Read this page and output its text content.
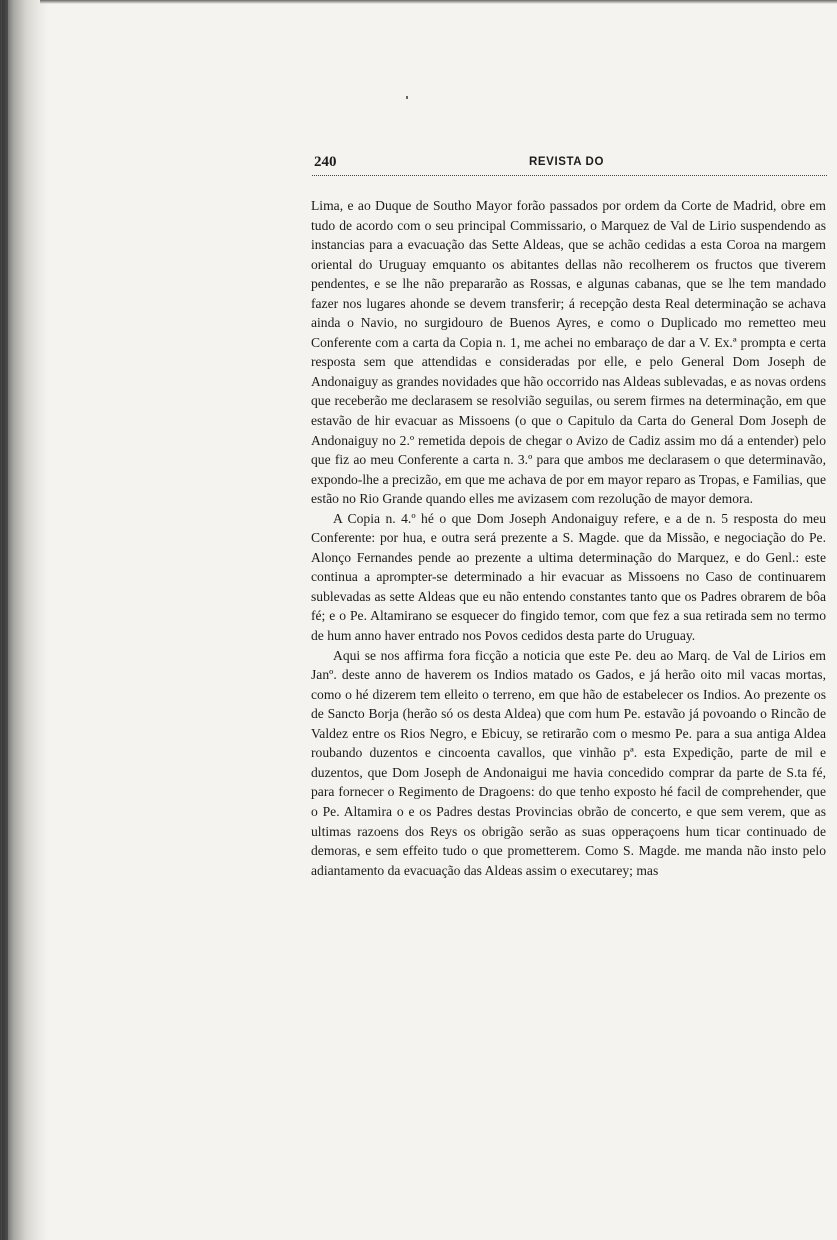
240	REVISTA DO

Lima, e ao Duque de Southo Mayor forão passados por ordem da Corte de Madrid, obre em tudo de acordo com o seu principal Commissario, o Marquez de Val de Lirio suspendendo as instancias para a evacuação das Sette Aldeas, que se achão cedidas a esta Coroa na margem oriental do Uruguay emquanto os abitantes dellas não recolherem os fructos que tiverem pendentes, e se lhe não prepararão as Rossas, e algunas cabanas, que se lhe tem mandado fazer nos lugares ahonde se devem transferir; á recepção desta Real determinação se achava ainda o Navio, no surgidouro de Buenos Ayres, e como o Duplicado mo remetteo meu Conferente com a carta da Copia n. 1, me achei no embaraço de dar a V. Ex.ª prompta e certa resposta sem que attendidas e consideradas por elle, e pelo General Dom Joseph de Andonaiguy as grandes novidades que hão occorrido nas Aldeas sublevadas, e as novas ordens que receberão me declarasem se resolvião seguilas, ou serem firmes na determinação, em que estavão de hir evacuar as Missoens (o que o Capitulo da Carta do General Dom Joseph de Andonaiguy no 2.º remetida depois de chegar o Avizo de Cadiz assim mo dá a entender) pelo que fiz ao meu Conferente a carta n. 3.º para que ambos me declarasem o que determinavão, expondo-lhe a precizão, em que me achava de por em mayor reparo as Tropas, e Familias, que estão no Rio Grande quando elles me avizasem com rezolução de mayor demora.

A Copia n. 4.º hé o que Dom Joseph Andonaiguy refere, e a de n. 5 resposta do meu Conferente: por hua, e outra será prezente a S. Magde. que da Missão, e negociação do Pe. Alonço Fernandes pende ao prezente a ultima determinação do Marquez, e do Genl.: este continua a aprompter-se determinado a hir evacuar as Missoens no Caso de continuarem sublevadas as sette Aldeas que eu não entendo constantes tanto que os Padres obrarem de bôa fé; e o Pe. Altamirano se esquecer do fingido temor, com que fez a sua retirada sem no termo de hum anno haver entrado nos Povos cedidos desta parte do Uruguay.

Aqui se nos affirma fora ficção a noticia que este Pe. deu ao Marq. de Val de Lirios em Janº. deste anno de haverem os Indios matado os Gados, e já herão oito mil vacas mortas, como o hé dizerem tem elleito o terreno, em que hão de estabelecer os Indios. Ao prezente os de Sancto Borja (herão só os desta Aldea) que com hum Pe. estavão já povoando o Rincão de Valdez entre os Rios Negro, e Ebicuy, se retirarão com o mesmo Pe. para a sua antiga Aldea roubando duzentos e cincoenta cavallos, que vinhão pª. esta Expedição, parte de mil e duzentos, que Dom Joseph de Andonaigui me havia concedido comprar da parte de S.ta fé, para fornecer o Regimento de Dragoens: do que tenho exposto hé facil de comprehender, que o Pe. Altamira o e os Padres destas Provincias obrão de concerto, e que sem verem, que as ultimas razoens dos Reys os obrigão serão as suas opperaçoens hum ticar continuado de demoras, e sem effeito tudo o que prometterem. Como S. Magde. me manda não insto pelo adiantamento da evacuação das Aldeas assim o executarey; mas
